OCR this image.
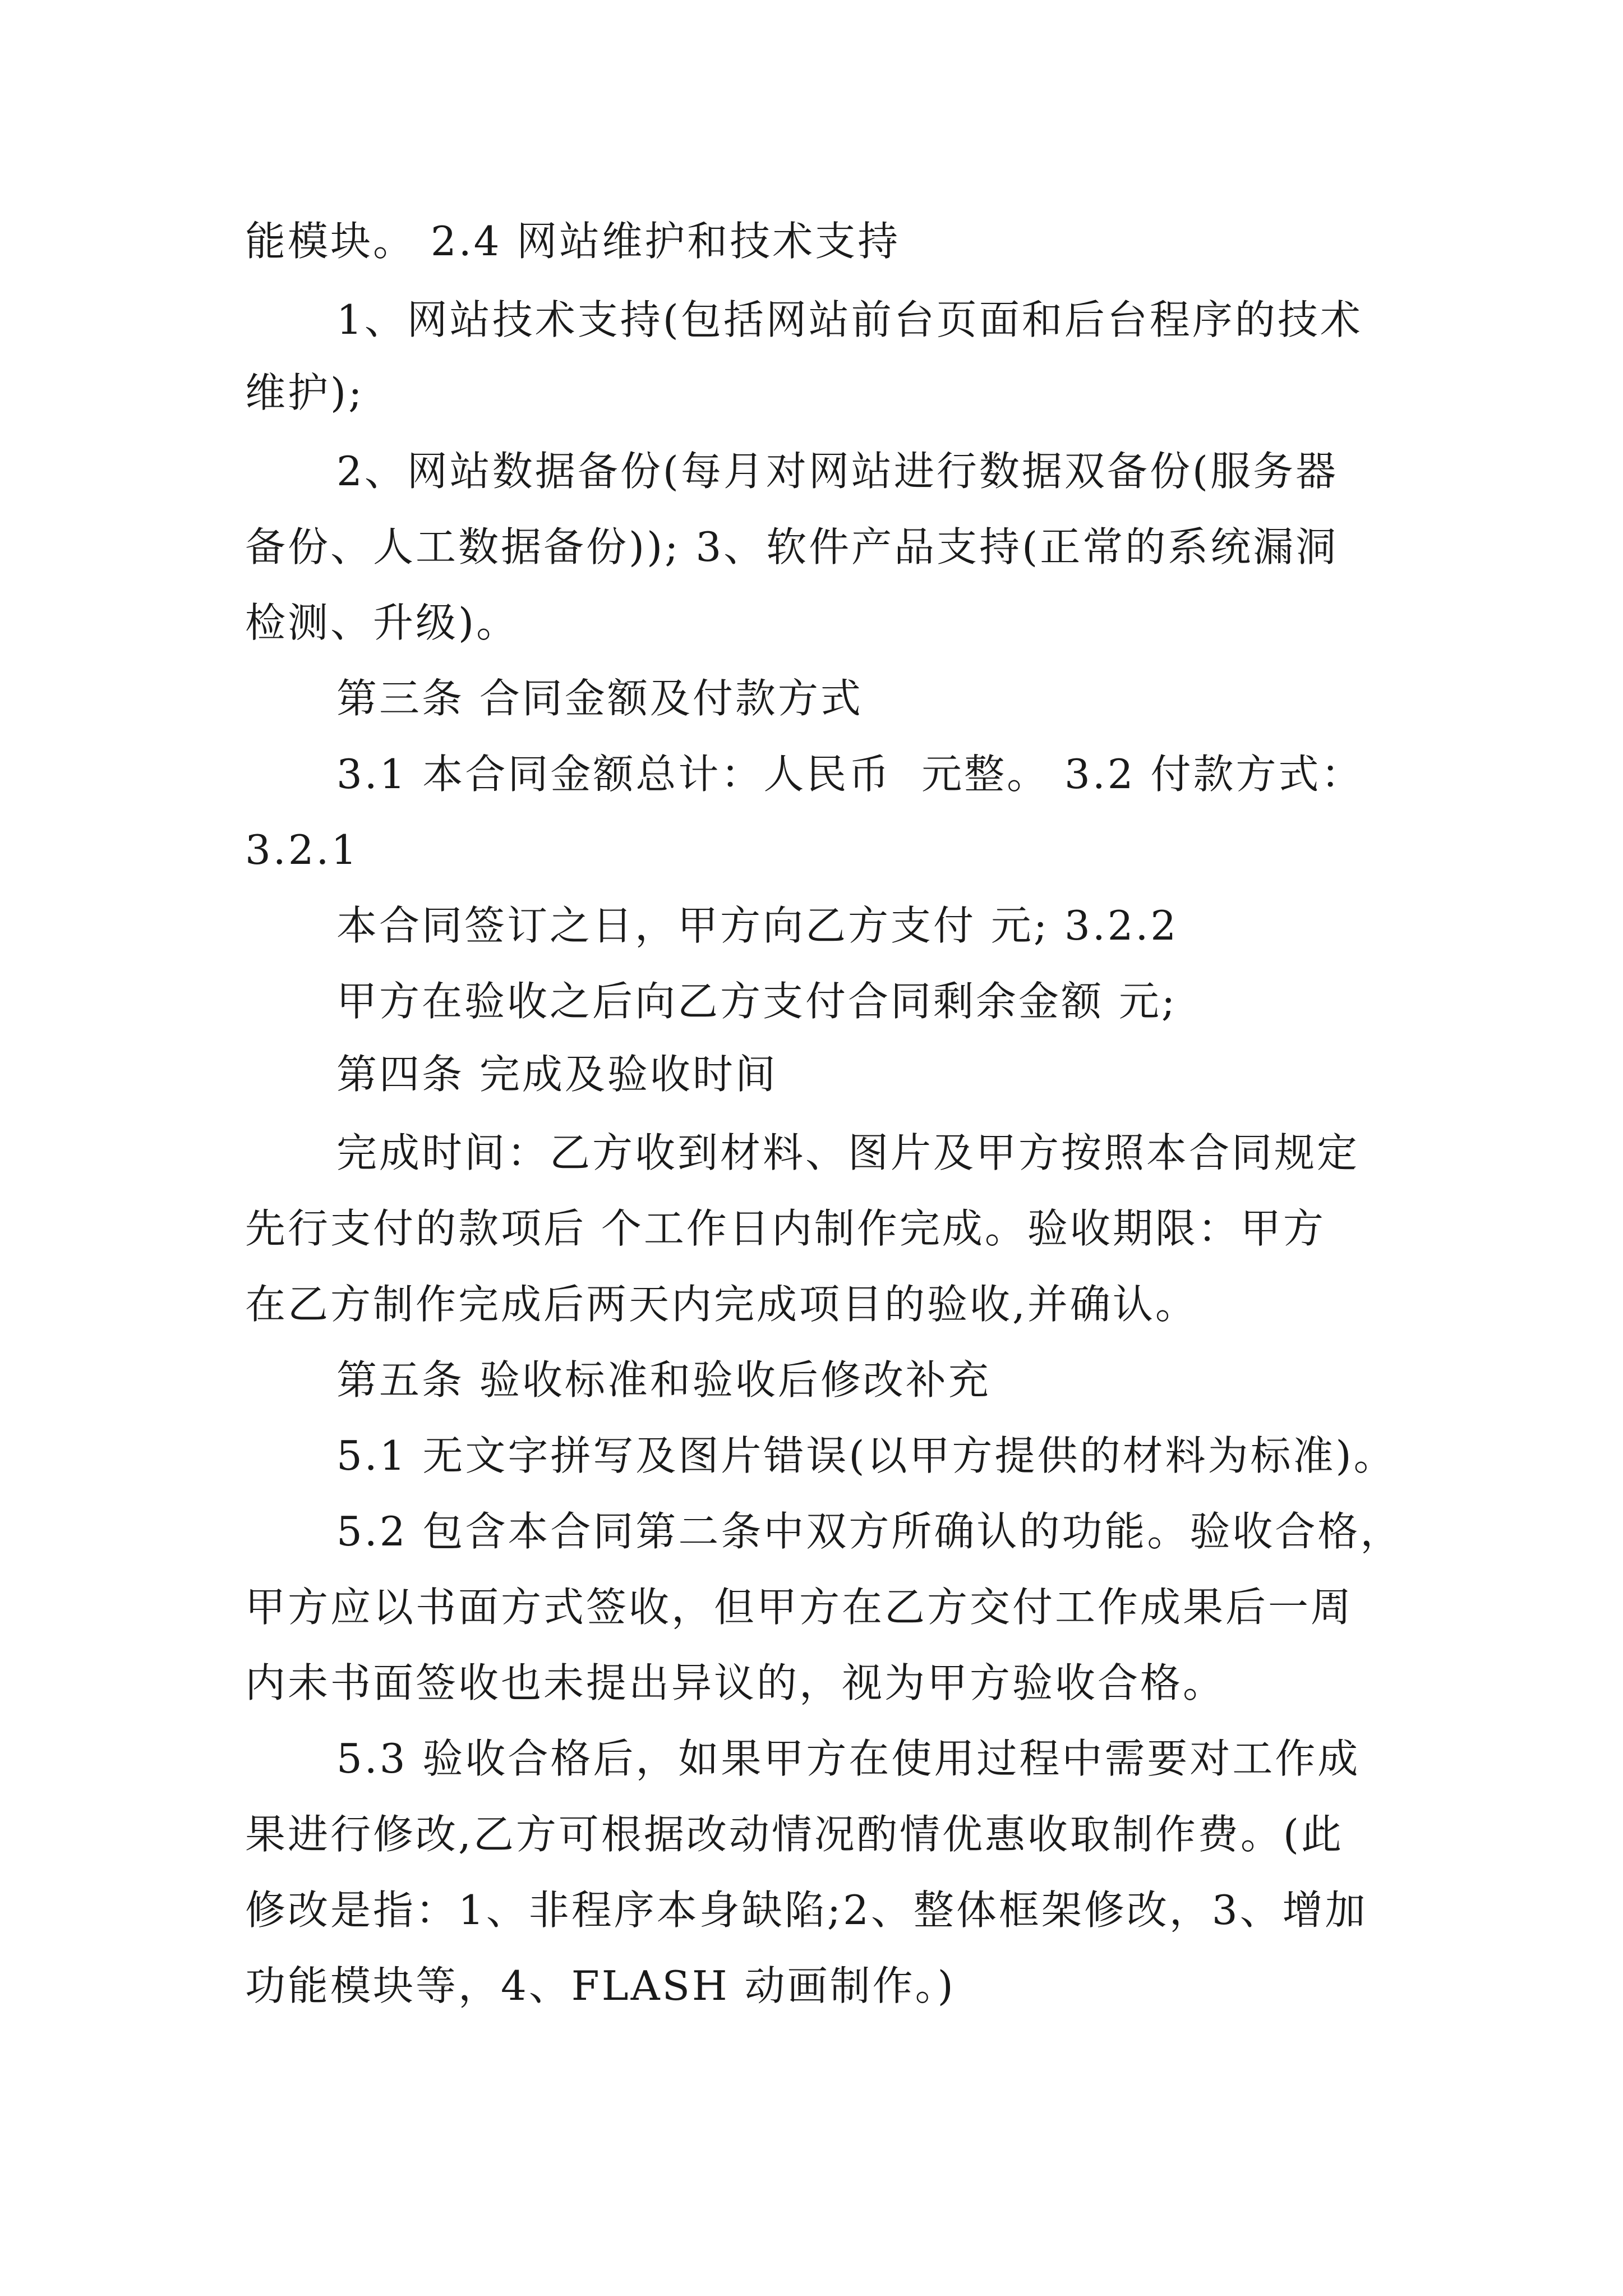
能模块。 2.4 网站维护和技术支持
1、网站技术支持(包括网站前台页面和后台程序的技术
维护);
2、网站数据备份(每月对网站进行数据双备份(服务器
备份、人工数据备份)); 3、软件产品支持(正常的系统漏洞
检测、升级)。
第三条 合同金额及付款方式
3.1 本合同金额总计：人民币  元整。 3.2 付款方式：
3.2.1
本合同签订之日，甲方向乙方支付 元; 3.2.2
甲方在验收之后向乙方支付合同剩余金额 元;
第四条 完成及验收时间
完成时间：乙方收到材料、图片及甲方按照本合同规定
先行支付的款项后 个工作日内制作完成。验收期限：甲方
在乙方制作完成后两天内完成项目的验收,并确认。
第五条 验收标准和验收后修改补充
5.1 无文字拼写及图片错误(以甲方提供的材料为标准)。
5.2 包含本合同第二条中双方所确认的功能。验收合格，
甲方应以书面方式签收，但甲方在乙方交付工作成果后一周
内未书面签收也未提出异议的，视为甲方验收合格。
5.3 验收合格后，如果甲方在使用过程中需要对工作成
果进行修改,乙方可根据改动情况酌情优惠收取制作费。(此
修改是指：1、非程序本身缺陷;2、整体框架修改，3、增加
功能模块等，4、FLASH 动画制作。)
